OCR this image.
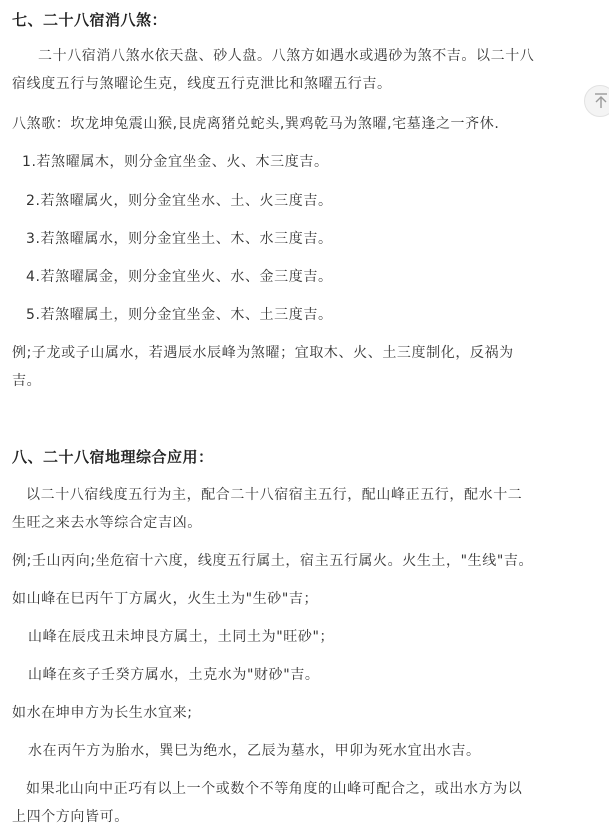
七、二十八宿消八煞：
二十八宿消八煞水依天盘、砂人盘。八煞方如遇水或遇砂为煞不吉。以二十八
宿线度五行与煞曜论生克，线度五行克泄比和煞曜五行吉。
八煞歌：坎龙坤兔震山猴,艮虎离猪兑蛇头,巽鸡乾马为煞曜,宅墓逢之一齐休.
1.若煞曜属木，则分金宜坐金、火、木三度吉。
2.若煞曜属火，则分金宜坐水、土、火三度吉。
3.若煞曜属水，则分金宜坐土、木、水三度吉。
4.若煞曜属金，则分金宜坐火、水、金三度吉。
5.若煞曜属土，则分金宜坐金、木、土三度吉。
例;子龙或子山属水，若遇辰水辰峰为煞曜；宜取木、火、土三度制化，反祸为
吉。
八、二十八宿地理综合应用：
以二十八宿线度五行为主，配合二十八宿宿主五行，配山峰正五行，配水十二
生旺之来去水等综合定吉凶。
例;壬山丙向;坐危宿十六度，线度五行属土，宿主五行属火。火生土，"生线"吉。
如山峰在巳丙午丁方属火，火生土为"生砂"吉；
山峰在辰戌丑未坤艮方属土，土同土为"旺砂"；
山峰在亥子壬癸方属水，土克水为"财砂"吉。
如水在坤申方为长生水宜来;
水在丙午方为胎水，巽巳为绝水，乙辰为墓水，甲卯为死水宜出水吉。
如果北山向中正巧有以上一个或数个不等角度的山峰可配合之，或出水方为以
上四个方向皆可。
